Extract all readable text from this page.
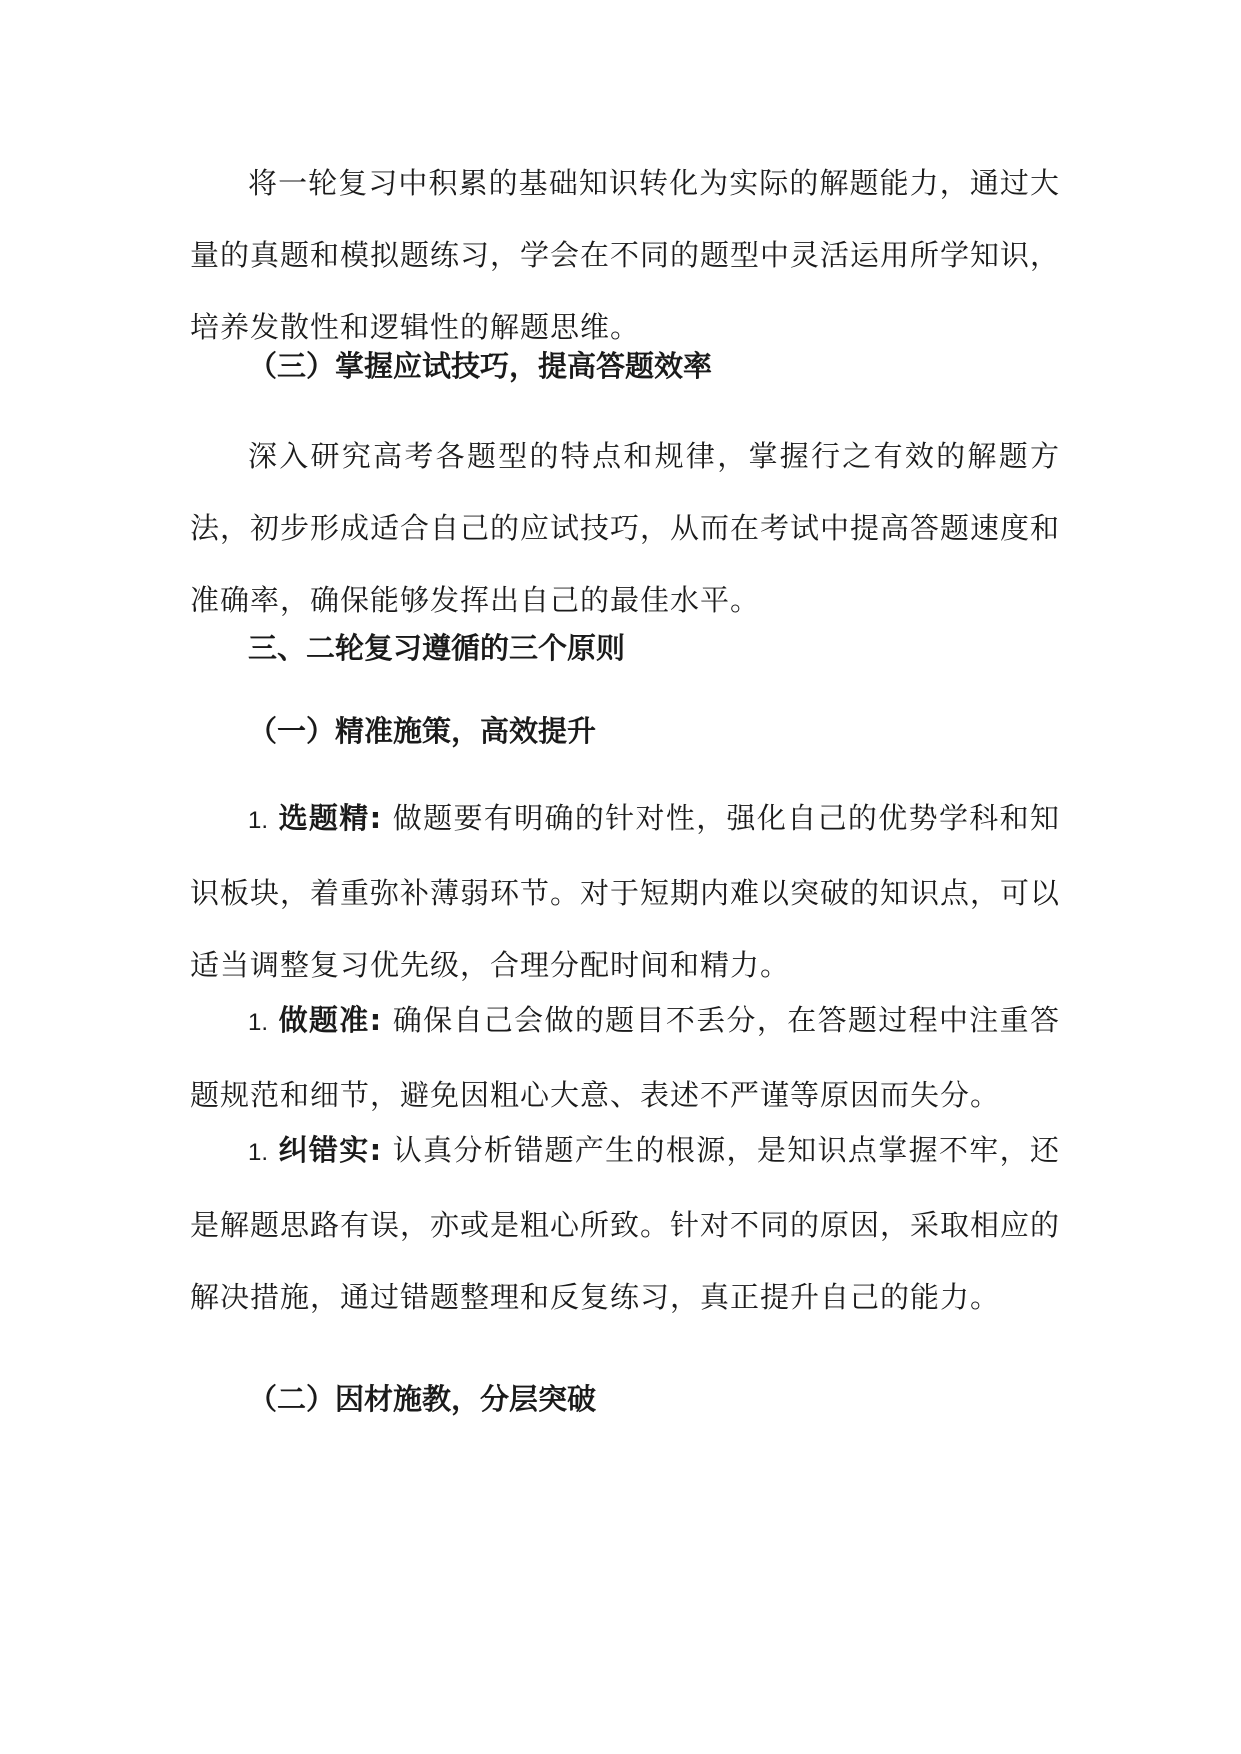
将一轮复习中积累的基础知识转化为实际的解题能力，通过大量的真题和模拟题练习，学会在不同的题型中灵活运用所学知识，培养发散性和逻辑性的解题思维。

（三）掌握应试技巧，提高答题效率

深入研究高考各题型的特点和规律，掌握行之有效的解题方法，初步形成适合自己的应试技巧，从而在考试中提高答题速度和准确率，确保能够发挥出自己的最佳水平。

三、二轮复习遵循的三个原则

（一）精准施策，高效提升

1. 选题精: 做题要有明确的针对性，强化自己的优势学科和知识板块，着重弥补薄弱环节。对于短期内难以突破的知识点，可以适当调整复习优先级，合理分配时间和精力。

1. 做题准: 确保自己会做的题目不丢分，在答题过程中注重答题规范和细节，避免因粗心大意、表述不严谨等原因而失分。

1. 纠错实: 认真分析错题产生的根源，是知识点掌握不牢，还是解题思路有误，亦或是粗心所致。针对不同的原因，采取相应的解决措施，通过错题整理和反复练习，真正提升自己的能力。

（二）因材施教，分层突破
